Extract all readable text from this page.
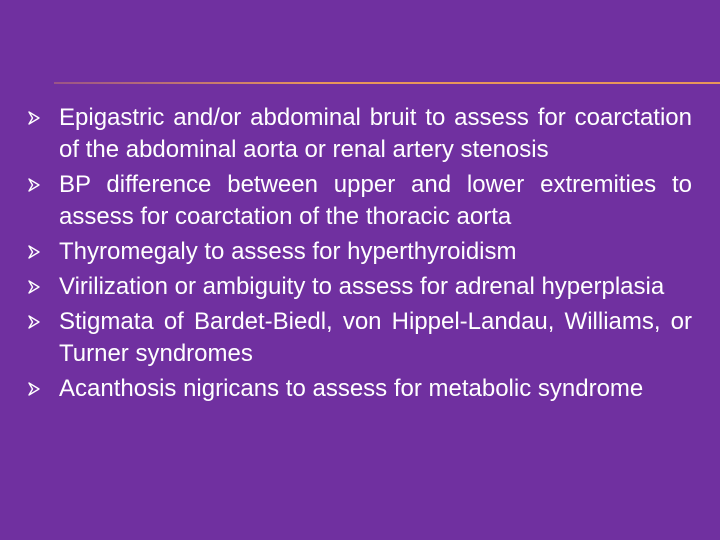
Epigastric and/or abdominal bruit to assess for coarctation of the abdominal aorta or renal artery stenosis
BP difference between upper and lower extremities to assess for coarctation of the thoracic aorta
Thyromegaly to assess for hyperthyroidism
Virilization or ambiguity to assess for adrenal hyperplasia
Stigmata of Bardet-Biedl, von Hippel-Landau, Williams, or Turner syndromes
Acanthosis nigricans to assess for metabolic syndrome
